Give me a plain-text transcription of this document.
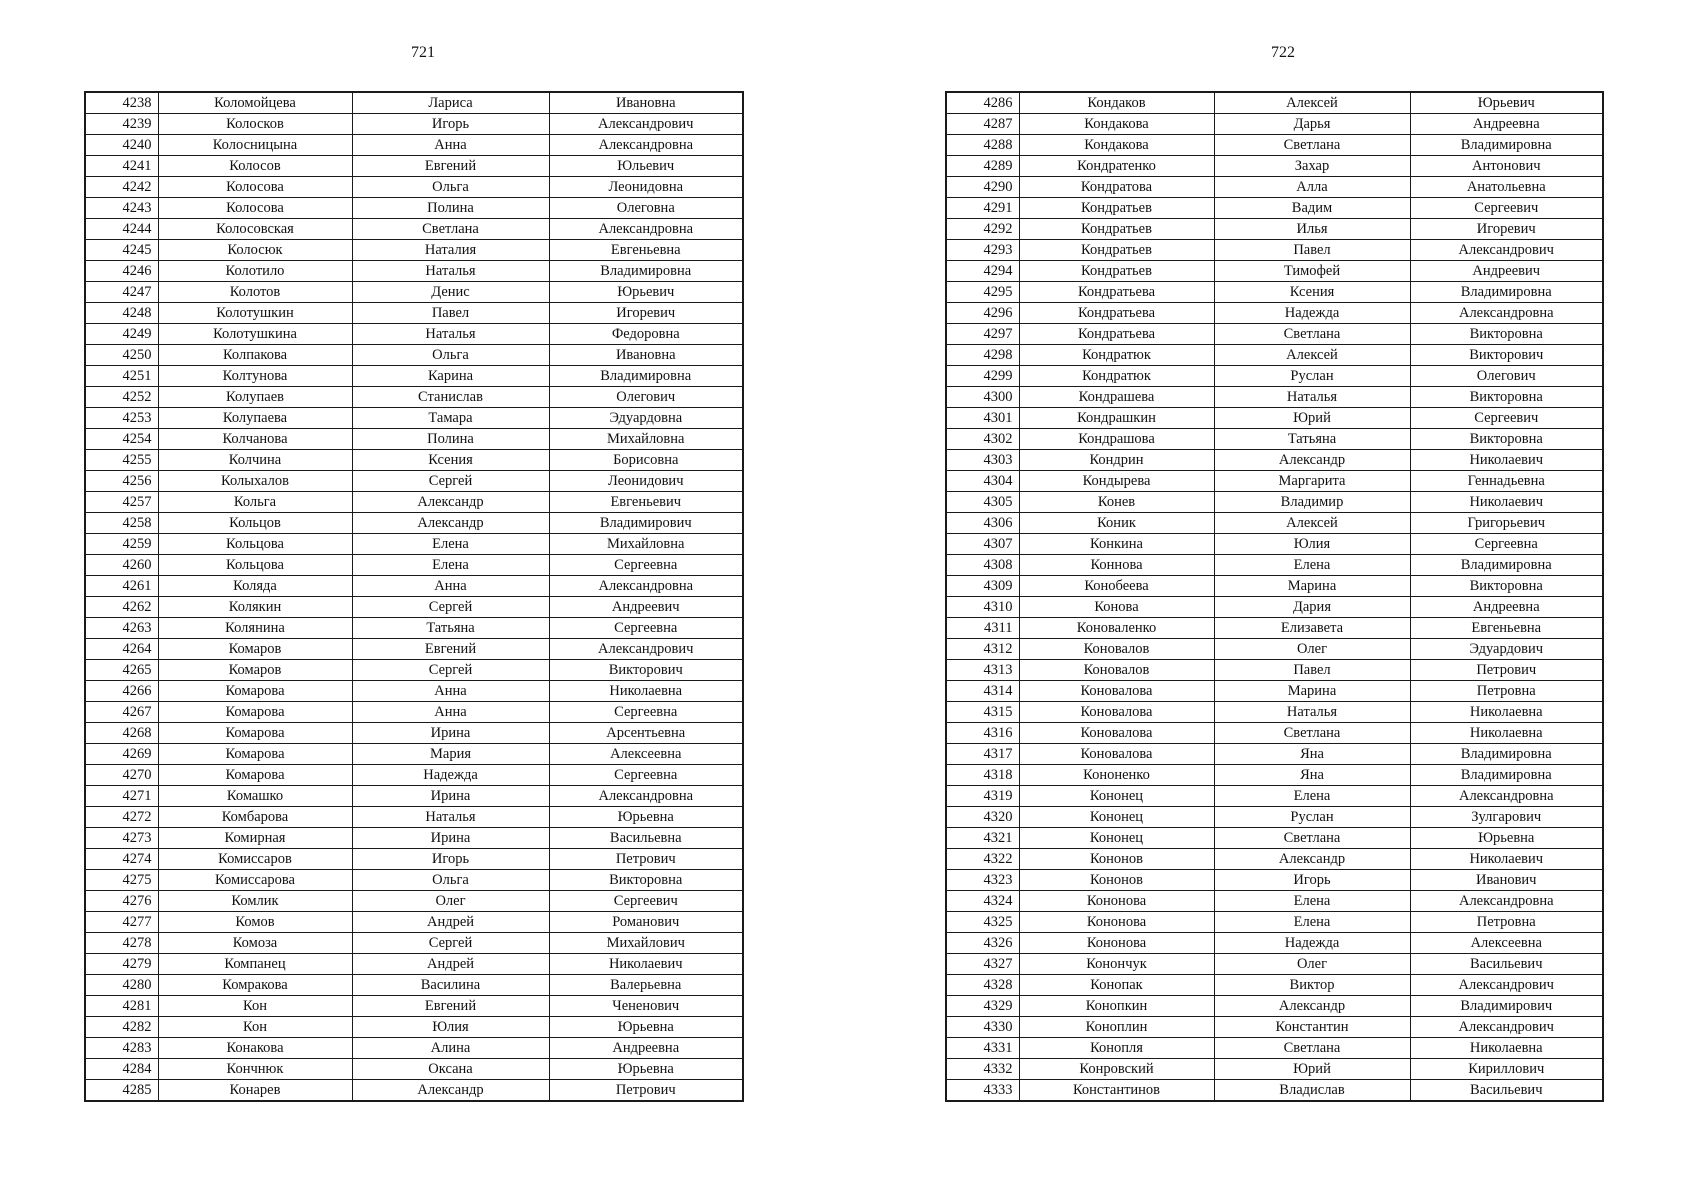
721	722
4238	Коломойцева	Лариса	Ивановна
4239	Колосков	Игорь	Александрович
4240	Колосницына	Анна	Александровна
4241	Колосов	Евгений	Юльевич
4242	Колосова	Ольга	Леонидовна
4243	Колосова	Полина	Олеговна
4244	Колосовская	Светлана	Александровна
4245	Колосюк	Наталия	Евгеньевна
4246	Колотило	Наталья	Владимировна
4247	Колотов	Денис	Юрьевич
4248	Колотушкин	Павел	Игоревич
4249	Колотушкина	Наталья	Федоровна
4250	Колпакова	Ольга	Ивановна
4251	Колтунова	Карина	Владимировна
4252	Колупаев	Станислав	Олегович
4253	Колупаева	Тамара	Эдуардовна
4254	Колчанова	Полина	Михайловна
4255	Колчина	Ксения	Борисовна
4256	Колыхалов	Сергей	Леонидович
4257	Кольга	Александр	Евгеньевич
4258	Кольцов	Александр	Владимирович
4259	Кольцова	Елена	Михайловна
4260	Кольцова	Елена	Сергеевна
4261	Коляда	Анна	Александровна
4262	Колякин	Сергей	Андреевич
4263	Колянина	Татьяна	Сергеевна
4264	Комаров	Евгений	Александрович
4265	Комаров	Сергей	Викторович
4266	Комарова	Анна	Николаевна
4267	Комарова	Анна	Сергеевна
4268	Комарова	Ирина	Арсентьевна
4269	Комарова	Мария	Алексеевна
4270	Комарова	Надежда	Сергеевна
4271	Комашко	Ирина	Александровна
4272	Комбарова	Наталья	Юрьевна
4273	Комирная	Ирина	Васильевна
4274	Комиссаров	Игорь	Петрович
4275	Комиссарова	Ольга	Викторовна
4276	Комлик	Олег	Сергеевич
4277	Комов	Андрей	Романович
4278	Комоза	Сергей	Михайлович
4279	Компанец	Андрей	Николаевич
4280	Комракова	Василина	Валерьевна
4281	Кон	Евгений	Чененович
4282	Кон	Юлия	Юрьевна
4283	Конакова	Алина	Андреевна
4284	Кончнюк	Оксана	Юрьевна
4285	Конарев	Александр	Петрович
4286	Кондаков	Алексей	Юрьевич
4287	Кондакова	Дарья	Андреевна
4288	Кондакова	Светлана	Владимировна
4289	Кондратенко	Захар	Антонович
4290	Кондратова	Алла	Анатольевна
4291	Кондратьев	Вадим	Сергеевич
4292	Кондратьев	Илья	Игоревич
4293	Кондратьев	Павел	Александрович
4294	Кондратьев	Тимофей	Андреевич
4295	Кондратьева	Ксения	Владимировна
4296	Кондратьева	Надежда	Александровна
4297	Кондратьева	Светлана	Викторовна
4298	Кондратюк	Алексей	Викторович
4299	Кондратюк	Руслан	Олегович
4300	Кондрашева	Наталья	Викторовна
4301	Кондрашкин	Юрий	Сергеевич
4302	Кондрашова	Татьяна	Викторовна
4303	Кондрин	Александр	Николаевич
4304	Кондырева	Маргарита	Геннадьевна
4305	Конев	Владимир	Николаевич
4306	Коник	Алексей	Григорьевич
4307	Конкина	Юлия	Сергеевна
4308	Коннова	Елена	Владимировна
4309	Конобеева	Марина	Викторовна
4310	Конова	Дария	Андреевна
4311	Коноваленко	Елизавета	Евгеньевна
4312	Коновалов	Олег	Эдуардович
4313	Коновалов	Павел	Петрович
4314	Коновалова	Марина	Петровна
4315	Коновалова	Наталья	Николаевна
4316	Коновалова	Светлана	Николаевна
4317	Коновалова	Яна	Владимировна
4318	Кононенко	Яна	Владимировна
4319	Кононец	Елена	Александровна
4320	Кононец	Руслан	Зулгарович
4321	Кононец	Светлана	Юрьевна
4322	Кононов	Александр	Николаевич
4323	Кононов	Игорь	Иванович
4324	Кононова	Елена	Александровна
4325	Кононова	Елена	Петровна
4326	Кононова	Надежда	Алексеевна
4327	Конончук	Олег	Васильевич
4328	Конопак	Виктор	Александрович
4329	Конопкин	Александр	Владимирович
4330	Коноплин	Константин	Александрович
4331	Конопля	Светлана	Николаевна
4332	Конровский	Юрий	Кириллович
4333	Константинов	Владислав	Васильевич
